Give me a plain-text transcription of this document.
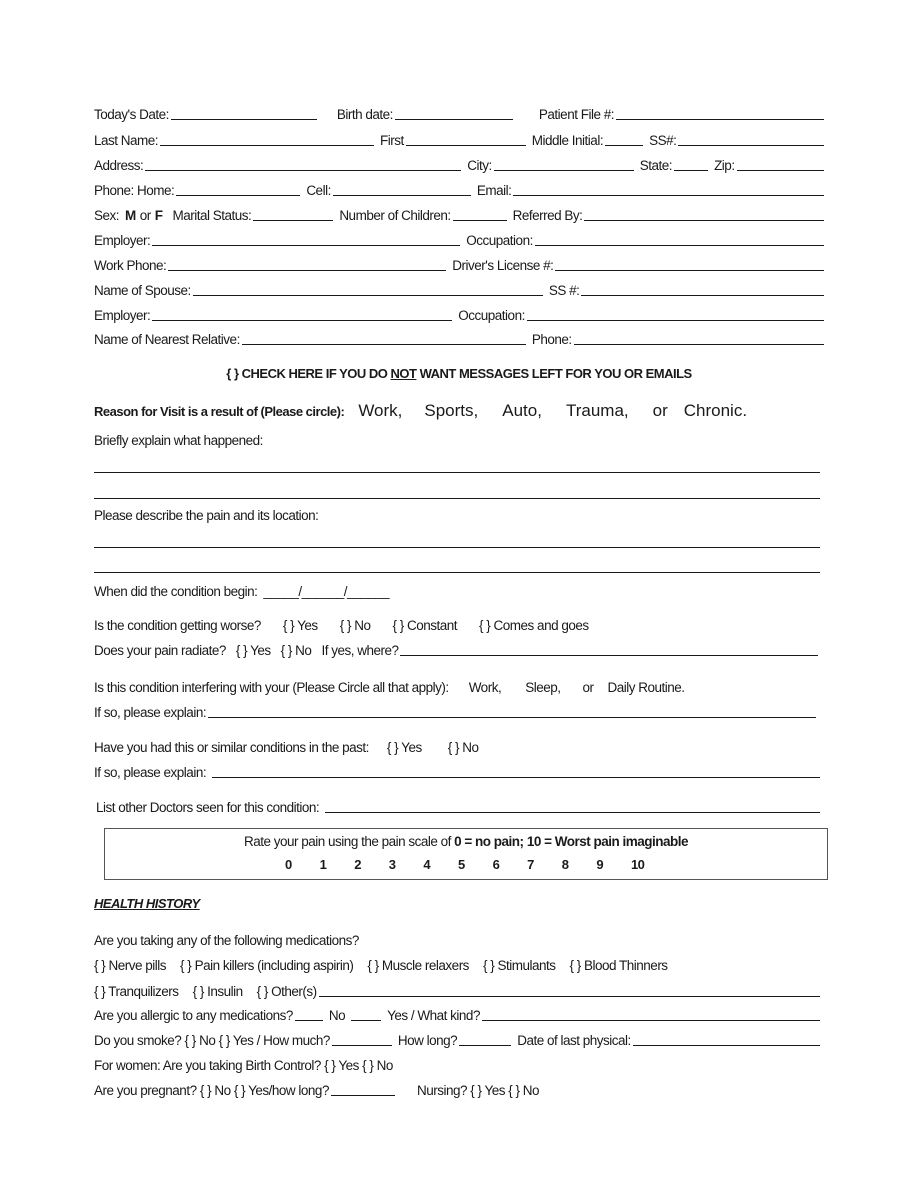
Today's Date:	Birth date:	Patient File #:
Last Name:	First	Middle Initial:	SS#:
Address:	City:	State:	Zip:
Phone: Home:	Cell:	Email:
Sex: M or F Marital Status:	Number of Children:	Referred By:
Employer:	Occupation:
Work Phone:	Driver's License #:
Name of Spouse:	SS #:
Employer:	Occupation:
Name of Nearest Relative:	Phone:
{ } CHECK HERE IF YOU DO NOT WANT MESSAGES LEFT FOR YOU OR EMAILS
Reason for Visit is a result of (Please circle): Work,	Sports,	Auto,	Trauma,	or Chronic.
Briefly explain what happened:
Please describe the pain and its location:
When did the condition begin: _____/______/______
Is the condition getting worse?	{ } Yes	{ } No	{ } Constant	{ } Comes and goes
Does your pain radiate? { } Yes { } No If yes, where?
Is this condition interfering with your (Please Circle all that apply):	Work,	Sleep,	or	Daily Routine.
If so, please explain:
Have you had this or similar conditions in the past:	{ } Yes	{ } No
If so, please explain:
List other Doctors seen for this condition:
Rate your pain using the pain scale of 0 = no pain; 10 = Worst pain imaginable
0	1	2	3	4	5	6	7	8	9	10
HEALTH HISTORY
Are you taking any of the following medications?
{ } Nerve pills	{ } Pain killers (including aspirin)	{ } Muscle relaxers	{ } Stimulants	{ } Blood Thinners
{ } Tranquilizers	{ } Insulin	{ } Other(s)
Are you allergic to any medications?	No	Yes / What kind?
Do you smoke? { } No { } Yes / How much?	How long?	Date of last physical:
For women: Are you taking Birth Control? { } Yes { } No
Are you pregnant? { } No { } Yes/how long?	Nursing? { } Yes { } No
